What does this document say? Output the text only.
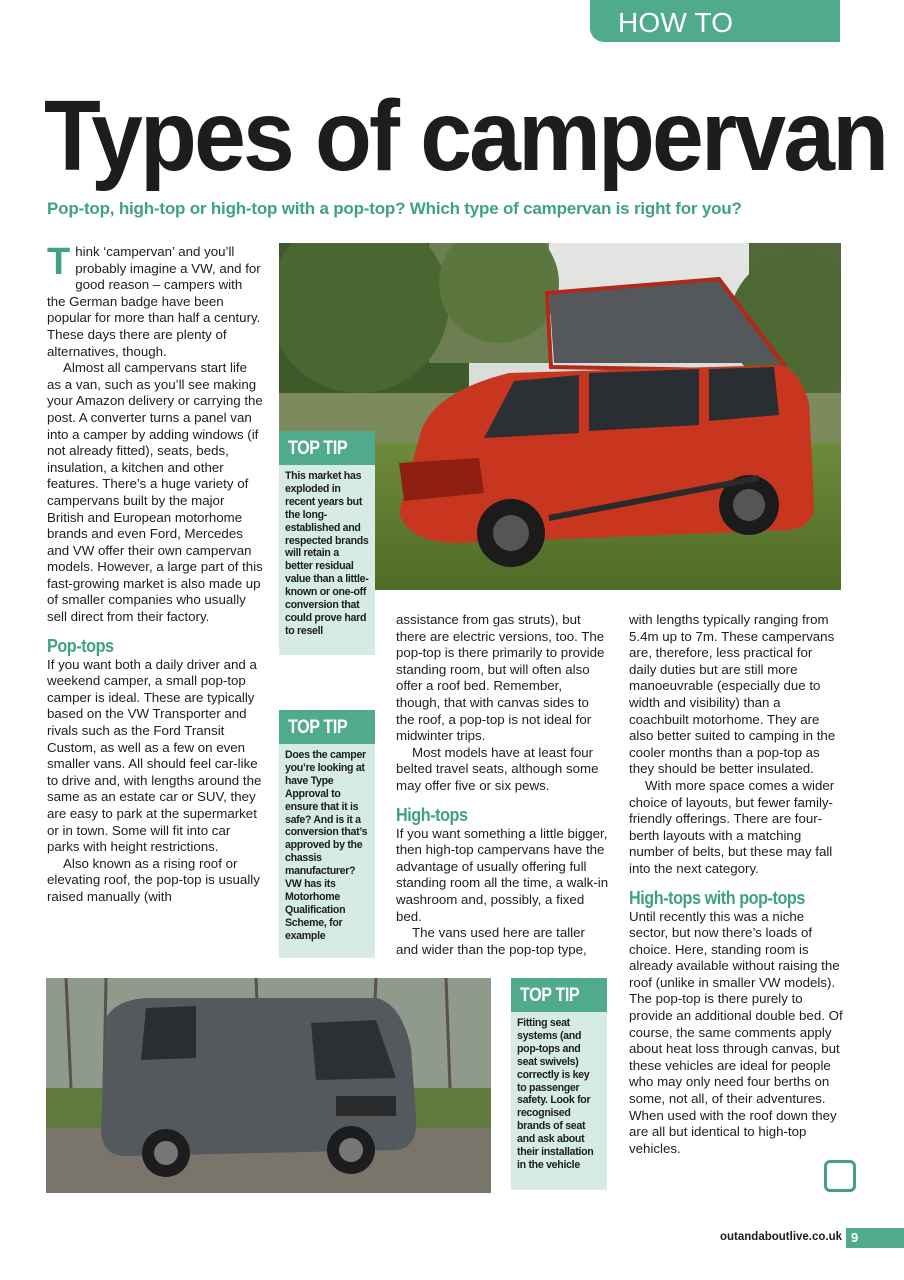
HOW TO CHOOSE
Types of campervan

Pop-top, high-top or high-top with a pop-top? Which type of campervan is right for you?

Think ‘campervan’ and you’ll probably imagine a VW, and for good reason – campers with the German badge have been popular for more than half a century. These days there are plenty of alternatives, though.

Almost all campervans start life as a van, such as you’ll see making your Amazon delivery or carrying the post. A converter turns a panel van into a camper by adding windows (if not already fitted), seats, beds, insulation, a kitchen and other features. There’s a huge variety of campervans built by the major British and European motorhome brands and even Ford, Mercedes and VW offer their own campervan models. However, a large part of this fast-growing market is also made up of smaller companies who usually sell direct from their factory.

Pop-tops

If you want both a daily driver and a weekend camper, a small pop-top camper is ideal. These are typically based on the VW Transporter and rivals such as the Ford Transit Custom, as well as a few on even smaller vans. All should feel car-like to drive and, with lengths around the same as an estate car or SUV, they are easy to park at the supermarket or in town. Some will fit into car parks with height restrictions.

Also known as a rising roof or elevating roof, the pop-top is usually raised manually (with

TOP TIP
This market has exploded in recent years but the long-established and respected brands will retain a better residual value than a little-known or one-off conversion that could prove hard to resell
TOP TIP
Does the camper you’re looking at have Type Approval to ensure that it is safe? And is it a conversion that’s approved by the chassis manufacturer? VW has its Motorhome Qualification Scheme, for example

assistance from gas struts), but there are electric versions, too. The pop-top is there primarily to provide standing room, but will often also offer a roof bed. Remember, though, that with canvas sides to the roof, a pop-top is not ideal for midwinter trips.

Most models have at least four belted travel seats, although some may offer five or six pews.

High-tops

If you want something a little bigger, then high-top campervans have the advantage of usually offering full standing room all the time, a walk-in washroom and, possibly, a fixed bed.

The vans used here are taller and wider than the pop-top type,

with lengths typically ranging from 5.4m up to 7m. These campervans are, therefore, less practical for daily duties but are still more manoeuvrable (especially due to width and visibility) than a coachbuilt motorhome. They are also better suited to camping in the cooler months than a pop-top as they should be better insulated.

With more space comes a wider choice of layouts, but fewer family-friendly offerings. There are four-berth layouts with a matching number of belts, but these may fall into the next category.

High-tops with pop-tops

Until recently this was a niche sector, but now there’s loads of choice. Here, standing room is already available without raising the roof (unlike in smaller VW models). The pop-top is there purely to provide an additional double bed. Of course, the same comments apply about heat loss through canvas, but these vehicles are ideal for people who may only need four berths on some, not all, of their adventures. When used with the roof down they are all but identical to high-top vehicles.

TOP TIP
Fitting seat systems (and pop-tops and seat swivels) correctly is key to passenger safety. Look for recognised brands of seat and ask about their installation in the vehicle
outandaboutlive.co.uk 9
